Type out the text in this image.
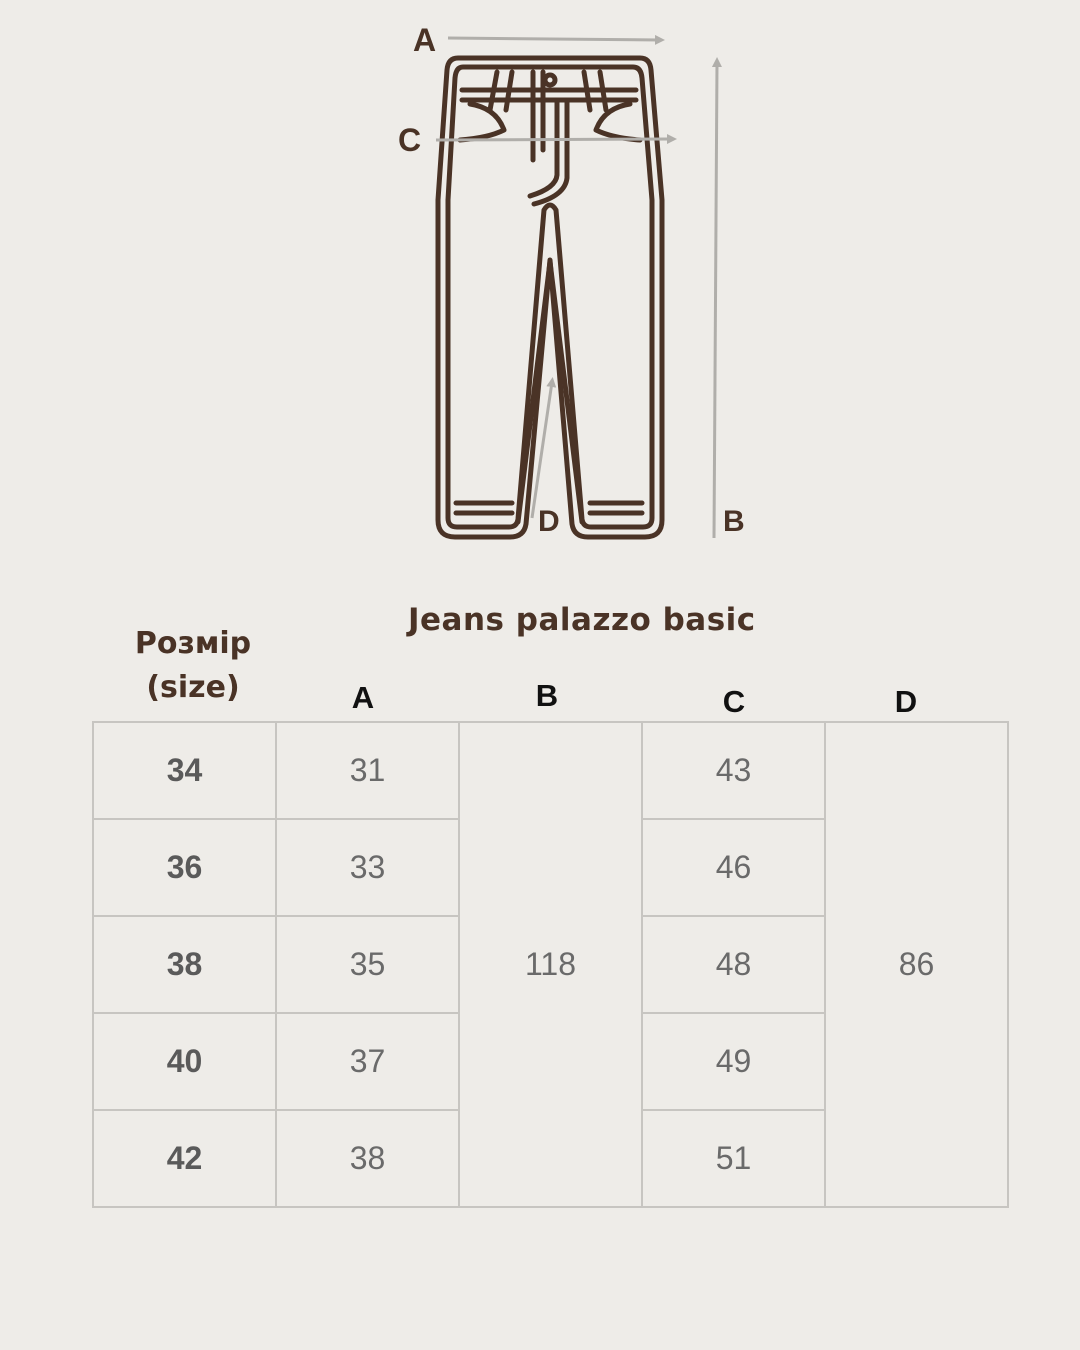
A
C
D	B
Jeans palazzo basic
Розмір
(size)	A	B	C	D
34	31	118	43	86
36	33		46	
38	35		48	
40	37		49	
42	38		51	
